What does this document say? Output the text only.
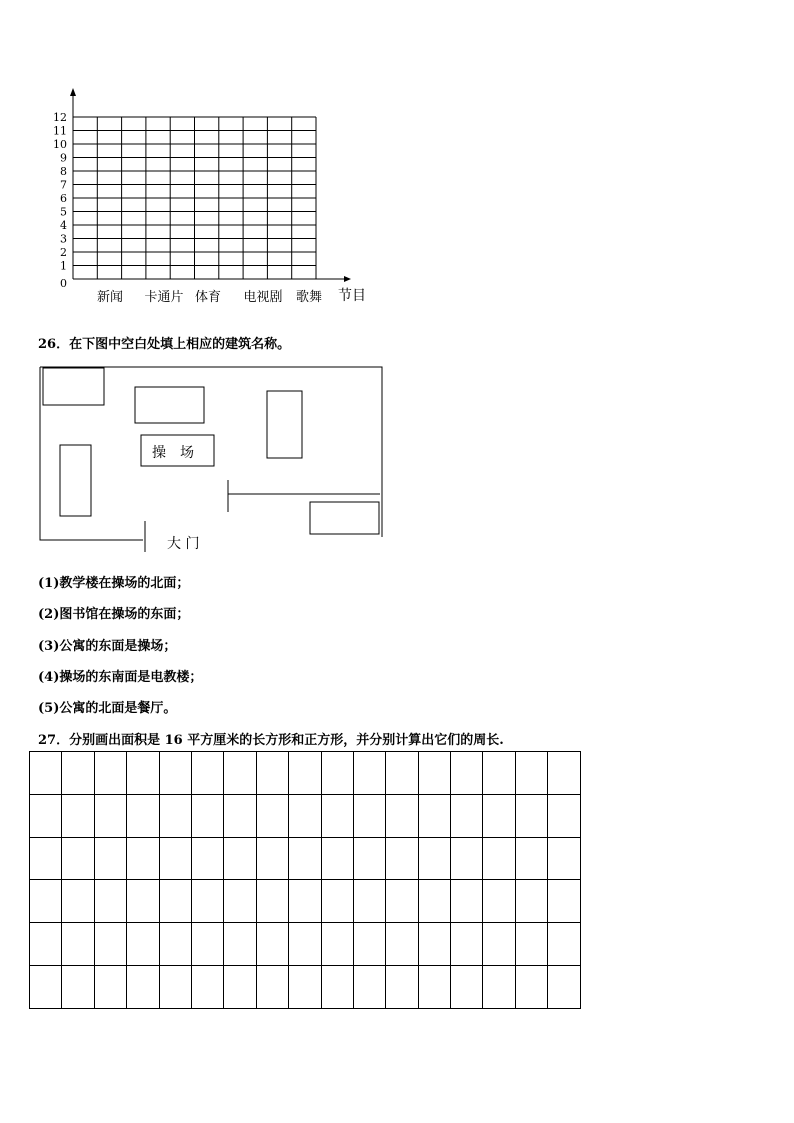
0
1
2
3
4
5
6
7
8
9
10
11
12
新闻 卡通片 体育 电视剧 歌舞 节目
26．在下图中空白处填上相应的建筑名称。
操　场
大 门
(1)教学楼在操场的北面；
(2)图书馆在操场的东面；
(3)公寓的东面是操场；
(4)操场的东南面是电教楼；
(5)公寓的北面是餐厅。
27．分别画出面积是 16 平方厘米的长方形和正方形，并分别计算出它们的周长.
